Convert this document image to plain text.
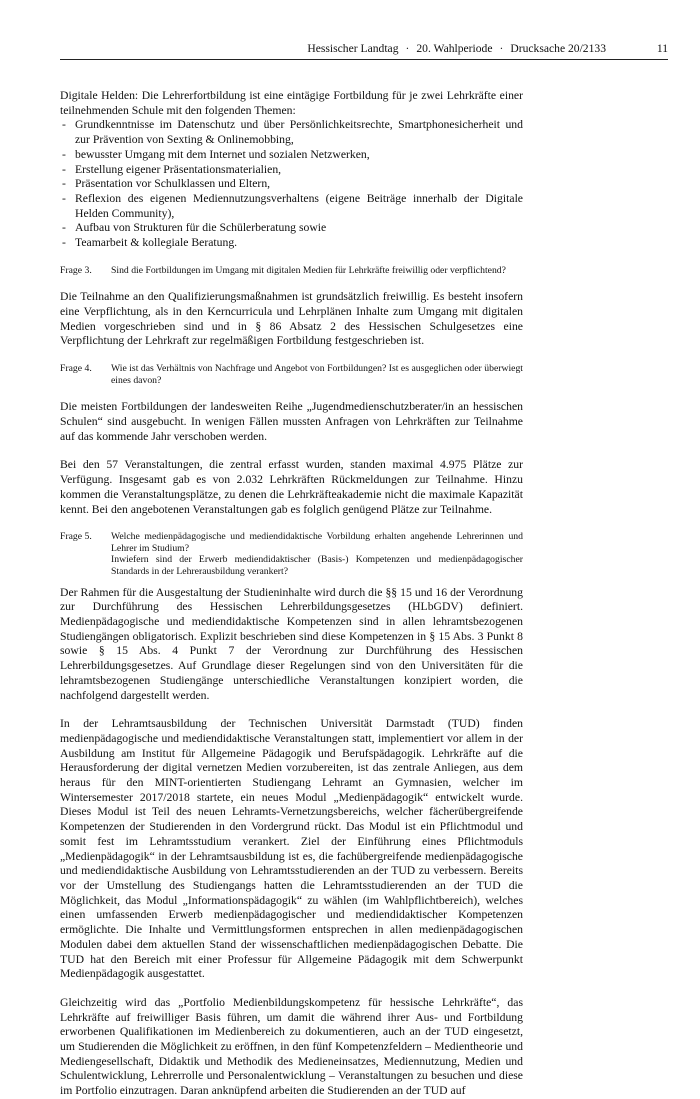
Hessischer Landtag · 20. Wahlperiode · Drucksache 20/2133	11

Digitale Helden: Die Lehrerfortbildung ist eine eintägige Fortbildung für je zwei Lehrkräfte einer teilnehmenden Schule mit den folgenden Themen:

- Grundkenntnisse im Datenschutz und über Persönlichkeitsrechte, Smartphonesicherheit und zur Prävention von Sexting & Onlinemobbing,
- bewusster Umgang mit dem Internet und sozialen Netzwerken,
- Erstellung eigener Präsentationsmaterialien,
- Präsentation vor Schulklassen und Eltern,
- Reflexion des eigenen Mediennutzungsverhaltens (eigene Beiträge innerhalb der Digitale Helden Community),
- Aufbau von Strukturen für die Schülerberatung sowie
- Teamarbeit & kollegiale Beratung.
Frage 3.	Sind die Fortbildungen im Umgang mit digitalen Medien für Lehrkräfte freiwillig oder verpflichtend?

Die Teilnahme an den Qualifizierungsmaßnahmen ist grundsätzlich freiwillig. Es besteht insofern eine Verpflichtung, als in den Kerncurricula und Lehrplänen Inhalte zum Umgang mit digitalen Medien vorgeschrieben sind und in § 86 Absatz 2 des Hessischen Schulgesetzes eine Verpflichtung der Lehrkraft zur regelmäßigen Fortbildung festgeschrieben ist.

Frage 4.	Wie ist das Verhältnis von Nachfrage und Angebot von Fortbildungen? Ist es ausgeglichen oder überwiegt eines davon?

Die meisten Fortbildungen der landesweiten Reihe „Jugendmedienschutzberater/in an hessischen Schulen“ sind ausgebucht. In wenigen Fällen mussten Anfragen von Lehrkräften zur Teilnahme auf das kommende Jahr verschoben werden.

Bei den 57 Veranstaltungen, die zentral erfasst wurden, standen maximal 4.975 Plätze zur Verfügung. Insgesamt gab es von 2.032 Lehrkräften Rückmeldungen zur Teilnahme. Hinzu kommen die Veranstaltungsplätze, zu denen die Lehrkräfteakademie nicht die maximale Kapazität kennt. Bei den angebotenen Veranstaltungen gab es folglich genügend Plätze zur Teilnahme.

Frage 5.	Welche medienpädagogische und mediendidaktische Vorbildung erhalten angehende Lehrerinnen und Lehrer im Studium?

Inwiefern sind der Erwerb mediendidaktischer (Basis-) Kompetenzen und medienpädagogischer Standards in der Lehrerausbildung verankert?

Der Rahmen für die Ausgestaltung der Studieninhalte wird durch die §§ 15 und 16 der Verordnung zur Durchführung des Hessischen Lehrerbildungsgesetzes (HLbGDV) definiert. Medienpädagogische und mediendidaktische Kompetenzen sind in allen lehramtsbezogenen Studiengängen obligatorisch. Explizit beschrieben sind diese Kompetenzen in § 15 Abs. 3 Punkt 8 sowie § 15 Abs. 4 Punkt 7 der Verordnung zur Durchführung des Hessischen Lehrerbildungsgesetzes. Auf Grundlage dieser Regelungen sind von den Universitäten für die lehramtsbezogenen Studiengänge unterschiedliche Veranstaltungen konzipiert worden, die nachfolgend dargestellt werden.

In der Lehramtsausbildung der Technischen Universität Darmstadt (TUD) finden medienpädagogische und mediendidaktische Veranstaltungen statt, implementiert vor allem in der Ausbildung am Institut für Allgemeine Pädagogik und Berufspädagogik. Lehrkräfte auf die Herausforderung der digital vernetzen Medien vorzubereiten, ist das zentrale Anliegen, aus dem heraus für den MINT-orientierten Studiengang Lehramt an Gymnasien, welcher im Wintersemester 2017/2018 startete, ein neues Modul „Medienpädagogik“ entwickelt wurde. Dieses Modul ist Teil des neuen Lehramts-Vernetzungsbereichs, welcher fächerübergreifende Kompetenzen der Studierenden in den Vordergrund rückt. Das Modul ist ein Pflichtmodul und somit fest im Lehramtsstudium verankert. Ziel der Einführung eines Pflichtmoduls „Medienpädagogik“ in der Lehramtsausbildung ist es, die fachübergreifende medienpädagogische und mediendidaktische Ausbildung von Lehramtsstudierenden an der TUD zu verbessern. Bereits vor der Umstellung des Studiengangs hatten die Lehramtsstudierenden an der TUD die Möglichkeit, das Modul „Informationspädagogik“ zu wählen (im Wahlpflichtbereich), welches einen umfassenden Erwerb medienpädagogischer und mediendidaktischer Kompetenzen ermöglichte. Die Inhalte und Vermittlungsformen entsprechen in allen medienpädagogischen Modulen dabei dem aktuellen Stand der wissenschaftlichen medienpädagogischen Debatte. Die TUD hat den Bereich mit einer Professur für Allgemeine Pädagogik mit dem Schwerpunkt Medienpädagogik ausgestattet.

Gleichzeitig wird das „Portfolio Medienbildungskompetenz für hessische Lehrkräfte“, das Lehrkräfte auf freiwilliger Basis führen, um damit die während ihrer Aus- und Fortbildung erworbenen Qualifikationen im Medienbereich zu dokumentieren, auch an der TUD eingesetzt, um Studierenden die Möglichkeit zu eröffnen, in den fünf Kompetenzfeldern – Medientheorie und Mediengesellschaft, Didaktik und Methodik des Medieneinsatzes, Mediennutzung, Medien und Schulentwicklung, Lehrerrolle und Personalentwicklung – Veranstaltungen zu besuchen und diese im Portfolio einzutragen. Daran anknüpfend arbeiten die Studierenden an der TUD auf
